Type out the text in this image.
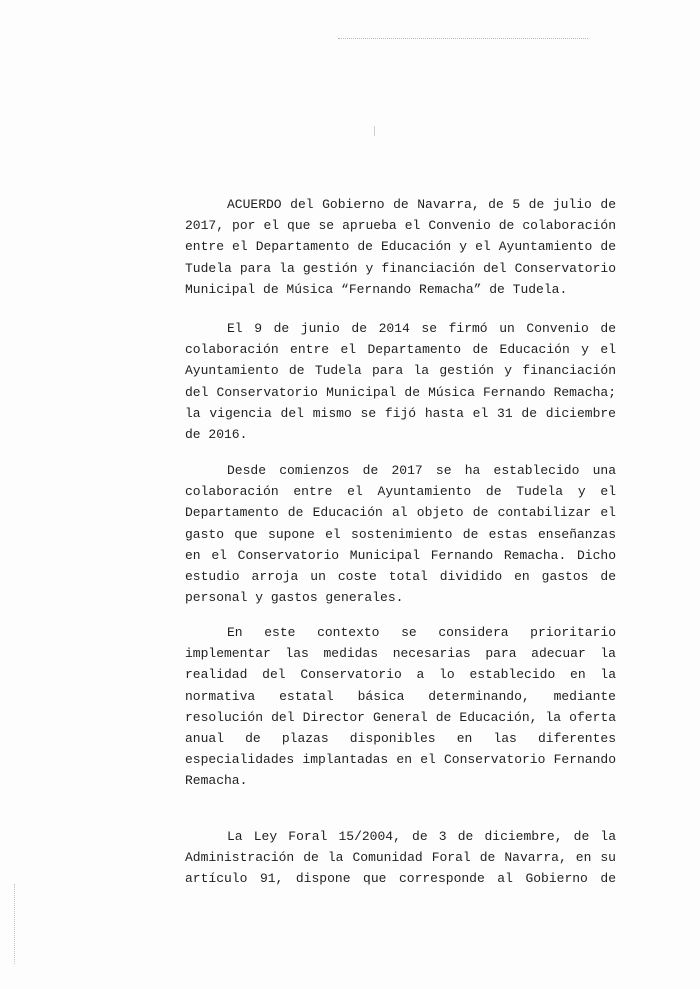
ACUERDO del Gobierno de Navarra, de 5 de julio de
2017, por el que se aprueba el Convenio de colaboración
entre el Departamento de Educación y el Ayuntamiento de
Tudela para la gestión y financiación del Conservatorio
Municipal de Música “Fernando Remacha” de Tudela.
El 9 de junio de 2014 se firmó un Convenio de
colaboración entre el Departamento de Educación y el
Ayuntamiento de Tudela para la gestión y financiación
del Conservatorio Municipal de Música Fernando Remacha;
la vigencia del mismo se fijó hasta el 31 de diciembre
de 2016.
Desde comienzos de 2017 se ha establecido una
colaboración entre el Ayuntamiento de Tudela y el
Departamento de Educación al objeto de contabilizar el
gasto que supone el sostenimiento de estas enseñanzas
en el Conservatorio Municipal Fernando Remacha. Dicho
estudio arroja un coste total dividido en gastos de
personal y gastos generales.
En este contexto se considera prioritario
implementar las medidas necesarias para adecuar la
realidad del Conservatorio a lo establecido en la
normativa estatal básica determinando, mediante
resolución del Director General de Educación, la oferta
anual de plazas disponibles en las diferentes
especialidades implantadas en el Conservatorio Fernando
Remacha.
La Ley Foral 15/2004, de 3 de diciembre, de la
Administración de la Comunidad Foral de Navarra, en su
artículo 91, dispone que corresponde al Gobierno de
